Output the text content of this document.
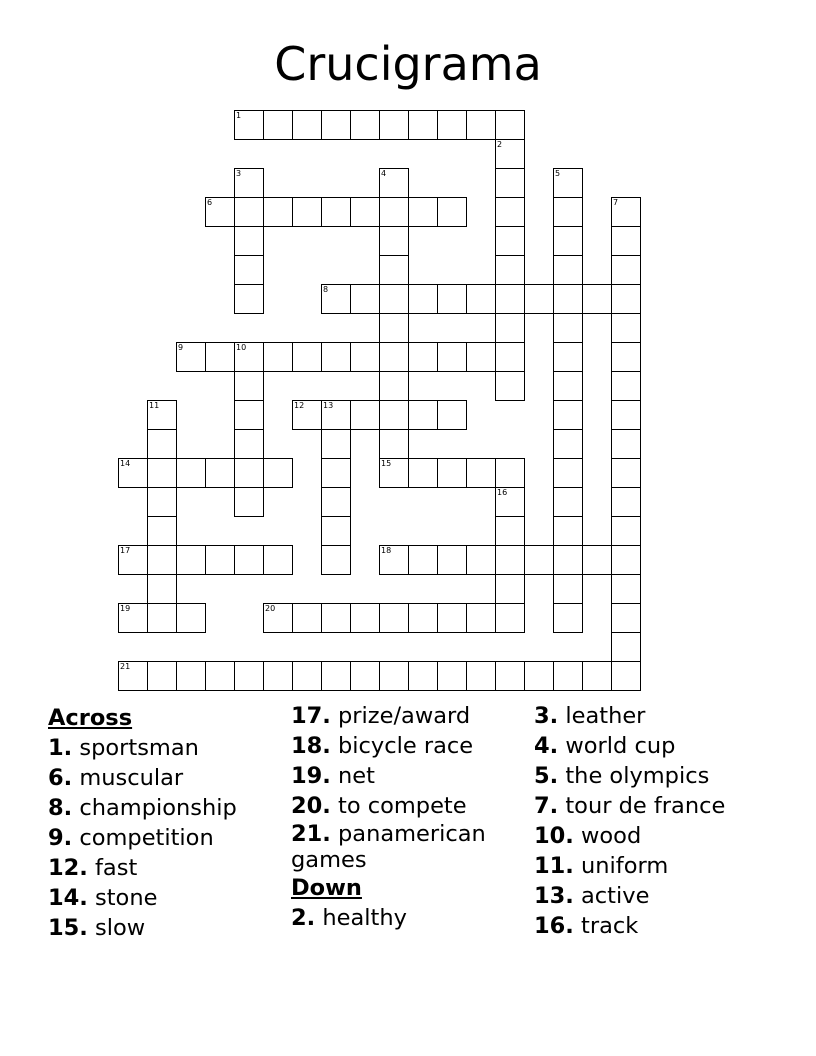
Crucigrama
1
2
3	4	5
6	7
8
9	10
11	12 13
14	15
16
17	18
19	20
21
Across
1. sportsman
6. muscular
8. championship
9. competition
12. fast
14. stone
15. slow
17. prize/award
18. bicycle race
19. net
20. to compete
21. panamerican games
Down
2. healthy
3. leather
4. world cup
5. the olympics
7. tour de france
10. wood
11. uniform
13. active
16. track
